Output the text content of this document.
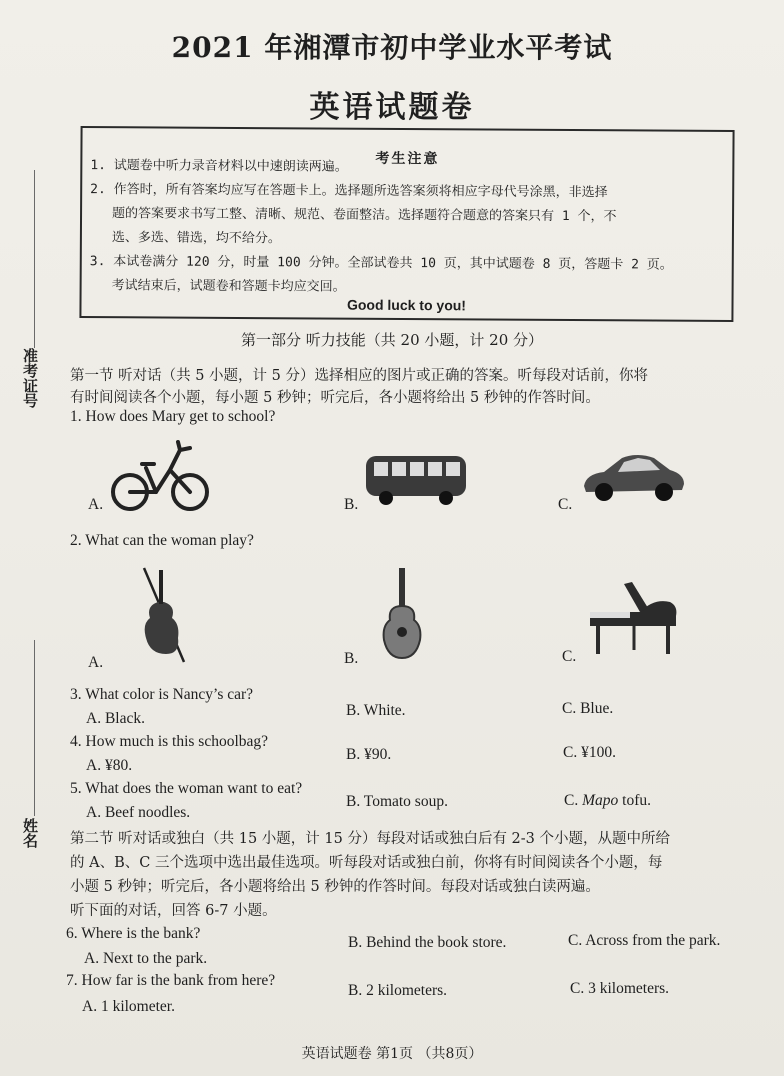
准考证号
姓名
2021 年湘潭市初中学业水平考试
英语试题卷
考生注意
1. 试题卷中听力录音材料以中速朗读两遍。
2. 作答时，所有答案均应写在答题卡上。选择题所选答案须将相应字母代号涂黑，非选择
题的答案要求书写工整、清晰、规范、卷面整洁。选择题符合题意的答案只有 1 个，不
选、多选、错选，均不给分。
3. 本试卷满分 120 分，时量 100 分钟。全部试卷共 10 页，其中试题卷 8 页，答题卡 2 页。
考试结束后，试题卷和答题卡均应交回。
Good luck to you!
第一部分 听力技能（共 20 小题，计 20 分）
第一节 听对话（共 5 小题，计 5 分）选择相应的图片或正确的答案。听每段对话前，你将
有时间阅读各个小题，每小题 5 秒钟；听完后，各小题将给出 5 秒钟的作答时间。
1. How does Mary get to school?
A.	B.	C.
2. What can the woman play?
A.	B.	C.
3. What color is Nancy’s car?
A. Black.	B. White.	C. Blue.
4. How much is this schoolbag?
A. ¥80.
B. ¥90.	C. ¥100.
5. What does the woman want to eat?
A. Beef noodles.
B. Tomato soup.	C. Mapo tofu.
第二节 听对话或独白（共 15 小题，计 15 分）每段对话或独白后有 2-3 个小题，从题中所给
的 A、B、C 三个选项中选出最佳选项。听每段对话或独白前，你将有时间阅读各个小题，每
小题 5 秒钟；听完后，各小题将给出 5 秒钟的作答时间。每段对话或独白读两遍。
听下面的对话，回答 6-7 小题。
6. Where is the bank?
A. Next to the park.
B. Behind the book store.	C. Across from the park.
7. How far is the bank from here?
A. 1 kilometer.
B. 2 kilometers.	C. 3 kilometers.
英语试题卷 第1页 （共8页）
